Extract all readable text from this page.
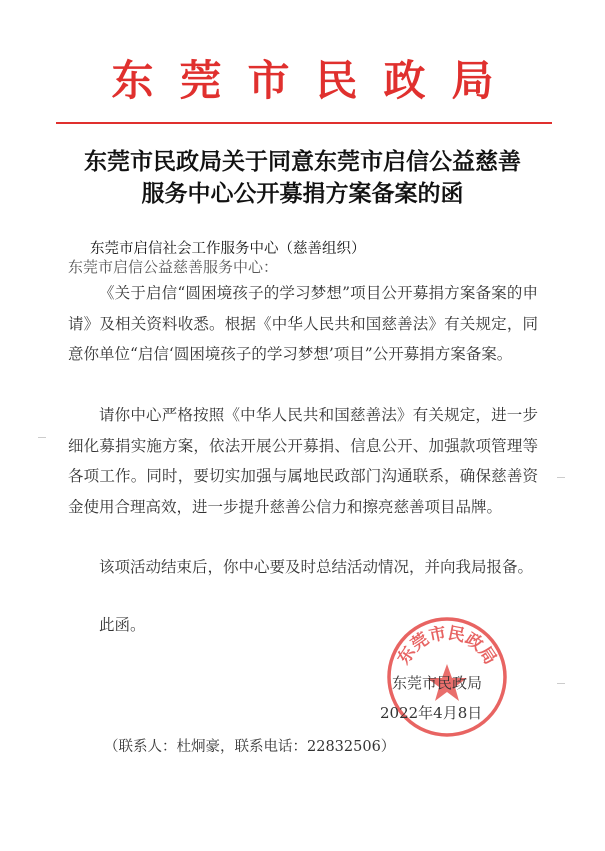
东莞市民政局
东莞市民政局关于同意东莞市启信公益慈善
服务中心公开募捐方案备案的函
东莞市启信社会工作服务中心（慈善组织）
东莞市启信公益慈善服务中心：
《关于启信“圆困境孩子的学习梦想”项目公开募捐方案备案的申请》及相关资料收悉。根据《中华人民共和国慈善法》有关规定，同意你单位“启信‘圆困境孩子的学习梦想’项目”公开募捐方案备案。
请你中心严格按照《中华人民共和国慈善法》有关规定，进一步细化募捐实施方案，依法开展公开募捐、信息公开、加强款项管理等各项工作。同时，要切实加强与属地民政部门沟通联系，确保慈善资金使用合理高效，进一步提升慈善公信力和擦亮慈善项目品牌。
该项活动结束后，你中心要及时总结活动情况，并向我局报备。
此函。
东莞市民政局
东莞市民政局
2022年4月8日
（联系人：杜炯豪，联系电话：22832506）
